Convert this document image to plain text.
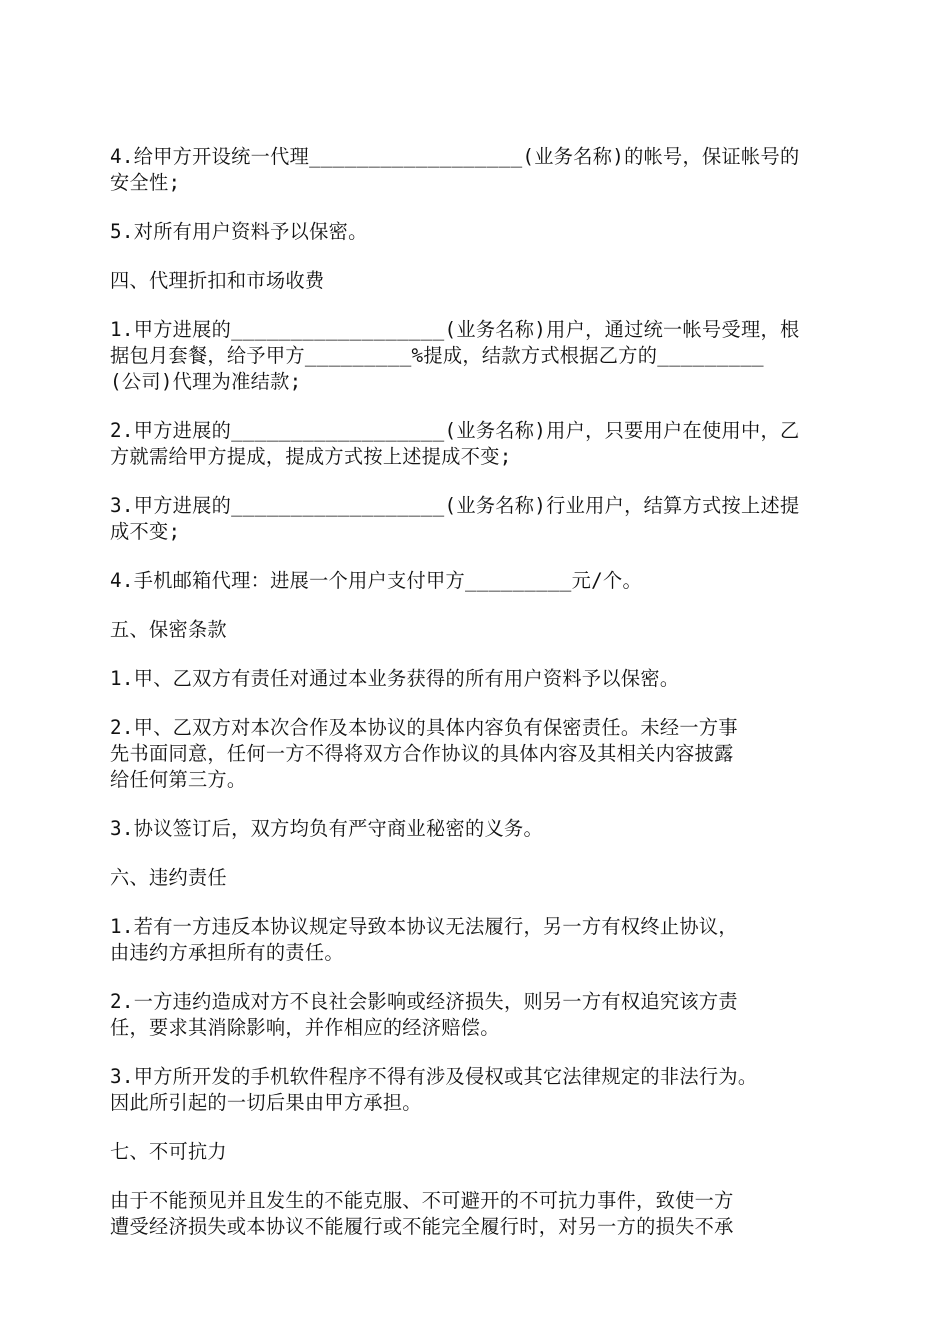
4.给甲方开设统一代理__________________(业务名称)的帐号，保证帐号的
安全性;

5.对所有用户资料予以保密。

四、代理折扣和市场收费

1.甲方进展的__________________(业务名称)用户，通过统一帐号受理，根
据包月套餐，给予甲方_________%提成，结款方式根据乙方的_________
(公司)代理为准结款;

2.甲方进展的__________________(业务名称)用户，只要用户在使用中，乙
方就需给甲方提成，提成方式按上述提成不变;

3.甲方进展的__________________(业务名称)行业用户，结算方式按上述提
成不变;

4.手机邮箱代理：进展一个用户支付甲方_________元/个。

五、保密条款

1.甲、乙双方有责任对通过本业务获得的所有用户资料予以保密。

2.甲、乙双方对本次合作及本协议的具体内容负有保密责任。未经一方事
先书面同意，任何一方不得将双方合作协议的具体内容及其相关内容披露
给任何第三方。

3.协议签订后，双方均负有严守商业秘密的义务。

六、违约责任

1.若有一方违反本协议规定导致本协议无法履行，另一方有权终止协议，
由违约方承担所有的责任。

2.一方违约造成对方不良社会影响或经济损失，则另一方有权追究该方责
任，要求其消除影响，并作相应的经济赔偿。

3.甲方所开发的手机软件程序不得有涉及侵权或其它法律规定的非法行为。
因此所引起的一切后果由甲方承担。

七、不可抗力

由于不能预见并且发生的不能克服、不可避开的不可抗力事件，致使一方
遭受经济损失或本协议不能履行或不能完全履行时，对另一方的损失不承
